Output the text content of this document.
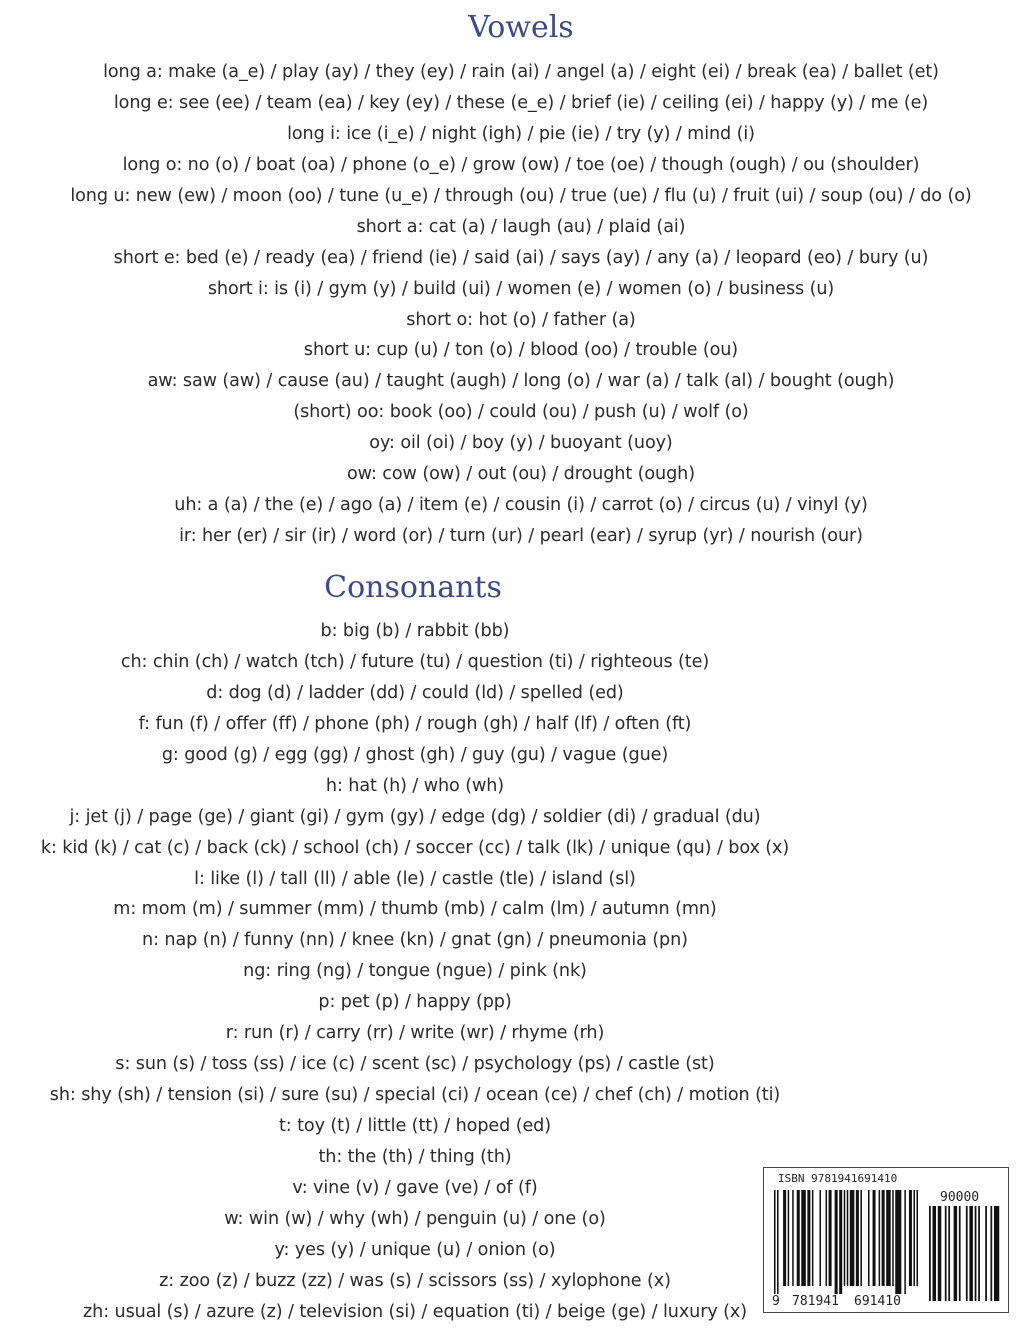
Vowels
long a: make (a_e) / play (ay) / they (ey) / rain (ai) / angel (a) / eight (ei) / break (ea) / ballet (et)
long e: see (ee) / team (ea) / key (ey) / these (e_e) / brief (ie) / ceiling (ei) / happy (y) / me (e)
long i: ice (i_e) / night (igh) / pie (ie) / try (y) / mind (i)
long o: no (o) / boat (oa) / phone (o_e) / grow (ow) / toe (oe) / though (ough) / ou (shoulder)
long u: new (ew) / moon (oo) / tune (u_e) / through (ou) / true (ue) / flu (u) / fruit (ui) / soup (ou) / do (o)
short a: cat (a) / laugh (au) / plaid (ai)
short e: bed (e) / ready (ea) / friend (ie) / said (ai) / says (ay) / any (a) / leopard (eo) / bury (u)
short i: is (i) / gym (y) / build (ui) / women (e) / women (o) / business (u)
short o: hot (o) / father (a)
short u: cup (u) / ton (o) / blood (oo) / trouble (ou)
aw: saw (aw) / cause (au) / taught (augh) / long (o) / war (a) / talk (al) / bought (ough)
(short) oo: book (oo) / could (ou) / push (u) / wolf (o)
oy: oil (oi) / boy (y) / buoyant (uoy)
ow: cow (ow) / out (ou) / drought (ough)
uh: a (a) / the (e) / ago (a) / item (e) / cousin (i) / carrot (o) / circus (u) / vinyl (y)
ir: her (er) / sir (ir) / word (or) / turn (ur) / pearl (ear) / syrup (yr) / nourish (our)
Consonants
b: big (b) / rabbit (bb)
ch: chin (ch) / watch (tch) / future (tu) / question (ti) / righteous (te)
d: dog (d) / ladder (dd) / could (ld) / spelled (ed)
f: fun (f) / offer (ff) / phone (ph) / rough (gh) / half (lf) / often (ft)
g: good (g) / egg (gg) / ghost (gh) / guy (gu) / vague (gue)
h: hat (h) / who (wh)
j: jet (j) / page (ge) / giant (gi) / gym (gy) / edge (dg) / soldier (di) / gradual (du)
k: kid (k) / cat (c) / back (ck) / school (ch) / soccer (cc) / talk (lk) / unique (qu) / box (x)
l: like (l) / tall (ll) / able (le) / castle (tle) / island (sl)
m: mom (m) / summer (mm) / thumb (mb) / calm (lm) / autumn (mn)
n: nap (n) / funny (nn) / knee (kn) / gnat (gn) / pneumonia (pn)
ng: ring (ng) / tongue (ngue) / pink (nk)
p: pet (p) / happy (pp)
r: run (r) / carry (rr) / write (wr) / rhyme (rh)
s: sun (s) / toss (ss) / ice (c) / scent (sc) / psychology (ps) / castle (st)
sh: shy (sh) / tension (si) / sure (su) / special (ci) / ocean (ce) / chef (ch) / motion (ti)
t: toy (t) / little (tt) / hoped (ed)
th: the (th) / thing (th)
v: vine (v) / gave (ve) / of (f)
w: win (w) / why (wh) / penguin (u) / one (o)
y: yes (y) / unique (u) / onion (o)
z: zoo (z) / buzz (zz) / was (s) / scissors (ss) / xylophone (x)
zh: usual (s) / azure (z) / television (si) / equation (ti) / beige (ge) / luxury (x)
ISBN 9781941691410
90000
9 781941 691410
